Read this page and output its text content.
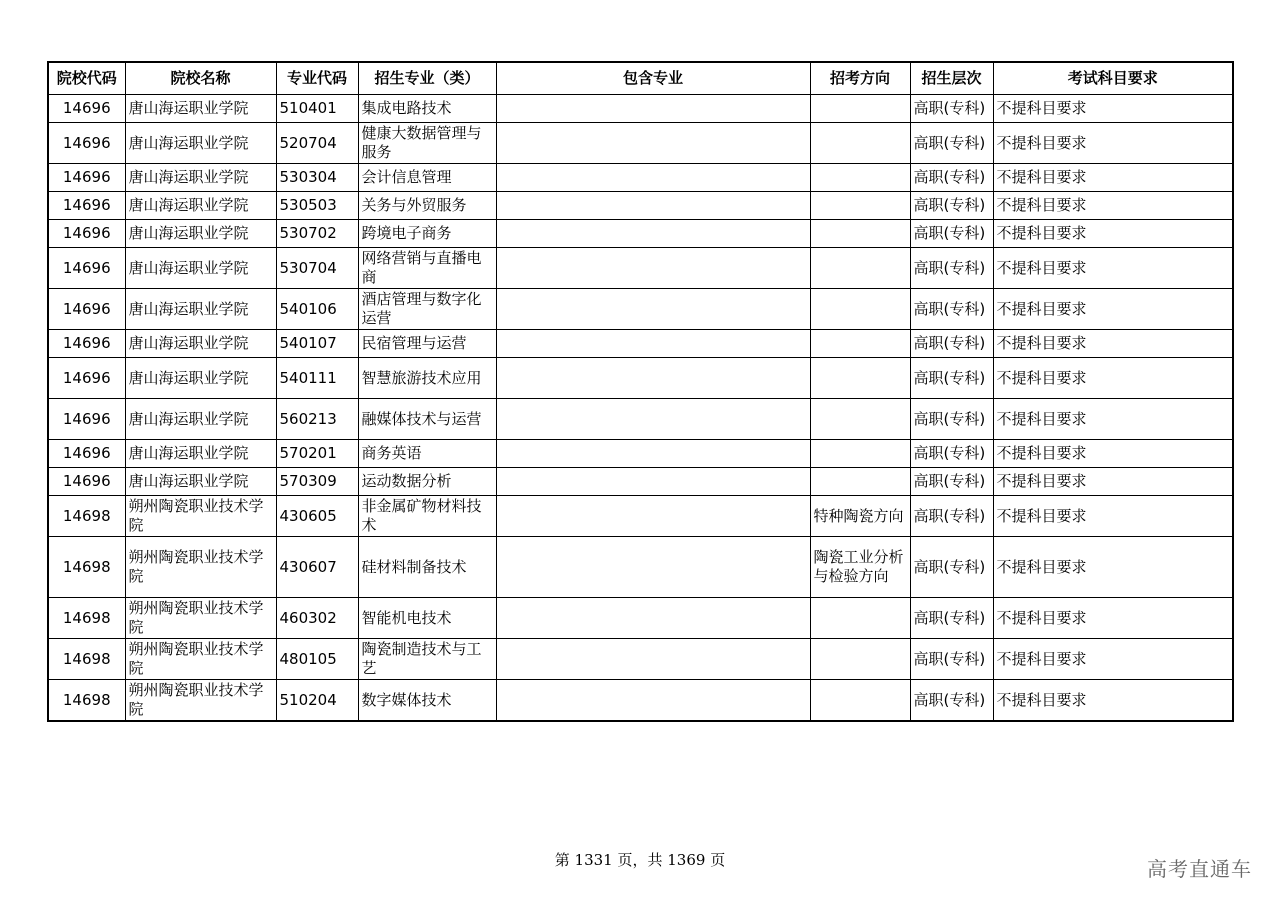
院校代码	院校名称	专业代码	招生专业（类）	包含专业	招考方向	招生层次	考试科目要求
14696	唐山海运职业学院	510401	集成电路技术			高职(专科)	不提科目要求
14696	唐山海运职业学院	520704	健康大数据管理与服务			高职(专科)	不提科目要求
14696	唐山海运职业学院	530304	会计信息管理			高职(专科)	不提科目要求
14696	唐山海运职业学院	530503	关务与外贸服务			高职(专科)	不提科目要求
14696	唐山海运职业学院	530702	跨境电子商务			高职(专科)	不提科目要求
14696	唐山海运职业学院	530704	网络营销与直播电商			高职(专科)	不提科目要求
14696	唐山海运职业学院	540106	酒店管理与数字化运营			高职(专科)	不提科目要求
14696	唐山海运职业学院	540107	民宿管理与运营			高职(专科)	不提科目要求
14696	唐山海运职业学院	540111	智慧旅游技术应用			高职(专科)	不提科目要求
14696	唐山海运职业学院	560213	融媒体技术与运营			高职(专科)	不提科目要求
14696	唐山海运职业学院	570201	商务英语			高职(专科)	不提科目要求
14696	唐山海运职业学院	570309	运动数据分析			高职(专科)	不提科目要求
14698	朔州陶瓷职业技术学院	430605	非金属矿物材料技术		特种陶瓷方向	高职(专科)	不提科目要求
14698	朔州陶瓷职业技术学院	430607	硅材料制备技术		陶瓷工业分析与检验方向	高职(专科)	不提科目要求
14698	朔州陶瓷职业技术学院	460302	智能机电技术			高职(专科)	不提科目要求
14698	朔州陶瓷职业技术学院	480105	陶瓷制造技术与工艺			高职(专科)	不提科目要求
14698	朔州陶瓷职业技术学院	510204	数字媒体技术			高职(专科)	不提科目要求
第 1331 页，共 1369 页	高考直通车
